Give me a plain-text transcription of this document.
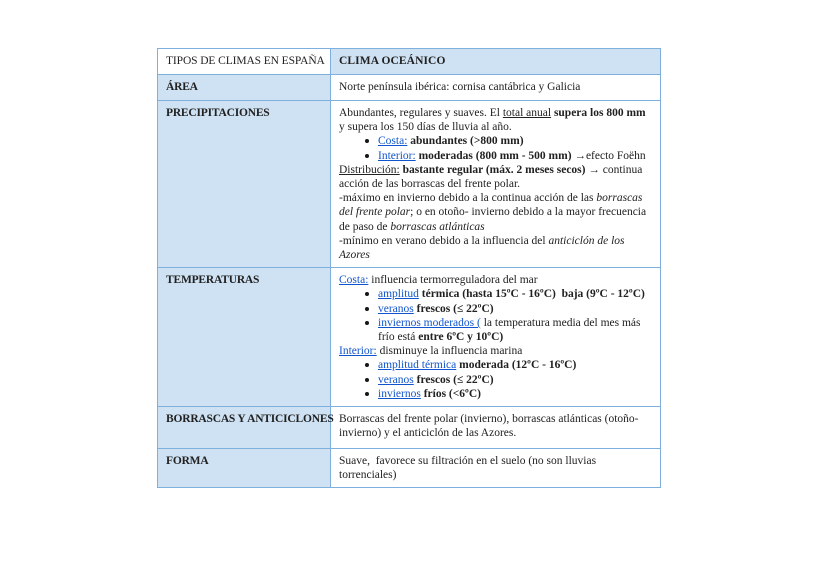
TIPOS DE CLIMAS EN ESPAÑA	CLIMA OCEÁNICO
ÁREA	Norte península ibérica: cornisa cantábrica y Galicia

PRECIPITACIONES	Abundantes, regulares y suaves. El total anual supera los 800 mm y supera los 150 días de lluvia al año.
Costa: abundantes (>800 mm)
Interior: moderadas (800 mm - 500 mm) →efecto Foëhn
Distribución: bastante regular (máx. 2 meses secos) → continua acción de las borrascas del frente polar.
-máximo en invierno debido a la continua acción de las borrascas del frente polar; o en otoño- invierno debido a la mayor frecuencia de paso de borrascas atlánticas
-mínimo en verano debido a la influencia del anticiclón de los Azores

TEMPERATURAS	Costa: influencia termorreguladora del mar
amplitud térmica (hasta 15ºC - 16ºC)  baja (9ºC - 12ºC)
veranos frescos (≤ 22ºC)
inviernos moderados ( la temperatura media del mes más frío está entre 6ºC y 10ºC)
Interior: disminuye la influencia marina
amplitud térmica moderada (12ºC - 16ºC)
veranos frescos (≤ 22ºC)
inviernos fríos (<6ºC)

BORRASCAS Y ANTICICLONES	Borrascas del frente polar (invierno), borrascas atlánticas (otoño-invierno) y el anticiclón de las Azores.

FORMA	Suave,  favorece su filtración en el suelo (no son lluvias torrenciales)
